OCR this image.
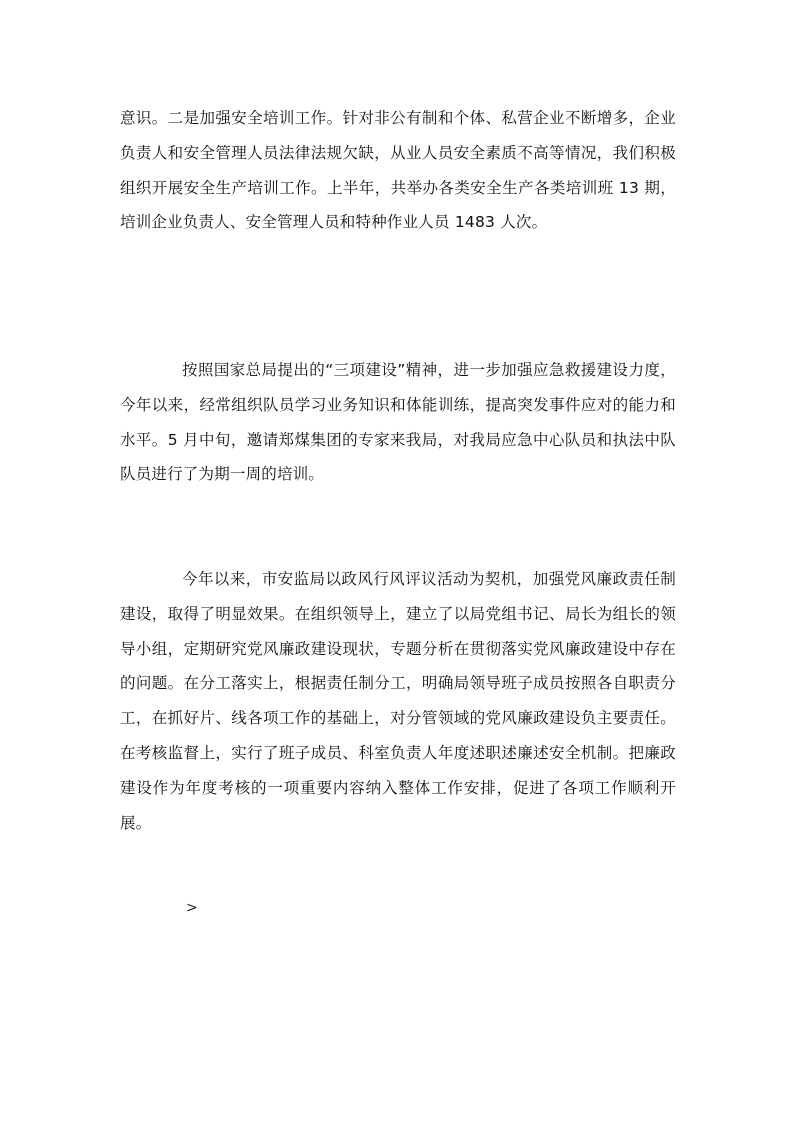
意识。二是加强安全培训工作。针对非公有制和个体、私营企业不断增多，企业负责人和安全管理人员法律法规欠缺，从业人员安全素质不高等情况，我们积极组织开展安全生产培训工作。上半年，共举办各类安全生产各类培训班 13 期，培训企业负责人、安全管理人员和特种作业人员 1483 人次。

按照国家总局提出的“三项建设”精神，进一步加强应急救援建设力度，今年以来，经常组织队员学习业务知识和体能训练，提高突发事件应对的能力和水平。5 月中旬，邀请郑煤集团的专家来我局，对我局应急中心队员和执法中队队员进行了为期一周的培训。

今年以来，市安监局以政风行风评议活动为契机，加强党风廉政责任制建设，取得了明显效果。在组织领导上，建立了以局党组书记、局长为组长的领导小组，定期研究党风廉政建设现状，专题分析在贯彻落实党风廉政建设中存在的问题。在分工落实上，根据责任制分工，明确局领导班子成员按照各自职责分工，在抓好片、线各项工作的基础上，对分管领域的党风廉政建设负主要责任。在考核监督上，实行了班子成员、科室负责人年度述职述廉述安全机制。把廉政建设作为年度考核的一项重要内容纳入整体工作安排，促进了各项工作顺利开展。

>
